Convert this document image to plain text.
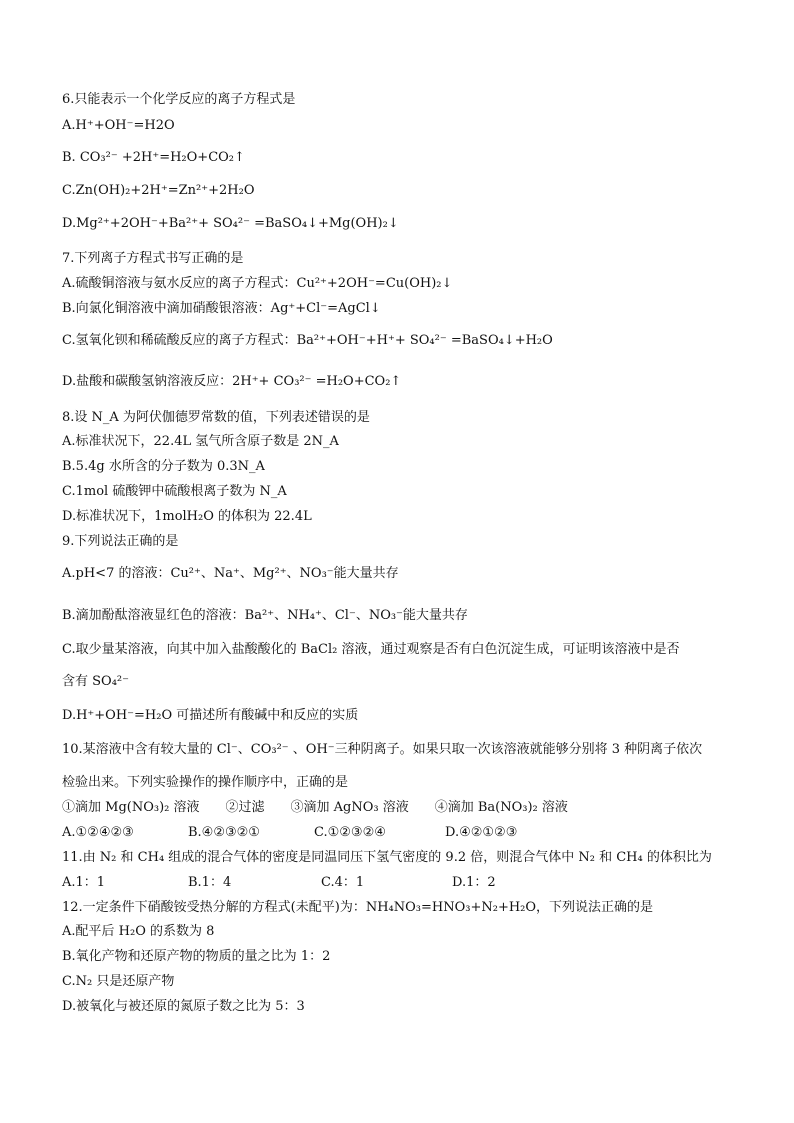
6.只能表示一个化学反应的离子方程式是
A.H⁺+OH⁻=H2O
B. CO₃²⁻ +2H⁺=H₂O+CO₂↑
C.Zn(OH)₂+2H⁺=Zn²⁺+2H₂O
D.Mg²⁺+2OH⁻+Ba²⁺+ SO₄²⁻ =BaSO₄↓+Mg(OH)₂↓
7.下列离子方程式书写正确的是
A.硫酸铜溶液与氨水反应的离子方程式：Cu²⁺+2OH⁻=Cu(OH)₂↓
B.向氯化铜溶液中滴加硝酸银溶液：Ag⁺+Cl⁻=AgCl↓
C.氢氧化钡和稀硫酸反应的离子方程式：Ba²⁺+OH⁻+H⁺+ SO₄²⁻ =BaSO₄↓+H₂O
D.盐酸和碳酸氢钠溶液反应：2H⁺+ CO₃²⁻ =H₂O+CO₂↑
8.设 N_A 为阿伏伽德罗常数的值，下列表述错误的是
A.标准状况下，22.4L 氢气所含原子数是 2N_A
B.5.4g 水所含的分子数为 0.3N_A
C.1mol 硫酸钾中硫酸根离子数为 N_A
D.标准状况下，1molH₂O 的体积为 22.4L
9.下列说法正确的是
A.pH<7 的溶液：Cu²⁺、Na⁺、Mg²⁺、NO₃⁻能大量共存
B.滴加酚酞溶液显红色的溶液：Ba²⁺、NH₄⁺、Cl⁻、NO₃⁻能大量共存
C.取少量某溶液，向其中加入盐酸酸化的 BaCl₂ 溶液，通过观察是否有白色沉淀生成，可证明该溶液中是否
含有 SO₄²⁻
D.H⁺+OH⁻=H₂O 可描述所有酸碱中和反应的实质
10.某溶液中含有较大量的 Cl⁻、CO₃²⁻ 、OH⁻三种阴离子。如果只取一次该溶液就能够分别将 3 种阴离子依次
检验出来。下列实验操作的操作顺序中，正确的是
①滴加 Mg(NO₃)₂ 溶液　　②过滤　　③滴加 AgNO₃ 溶液　　④滴加 Ba(NO₃)₂ 溶液
A.①②④②③	B.④②③②①	C.①②③②④	D.④②①②③
11.由 N₂ 和 CH₄ 组成的混合气体的密度是同温同压下氢气密度的 9.2 倍，则混合气体中 N₂ 和 CH₄ 的体积比为
A.1：1	B.1：4	C.4：1	D.1：2
12.一定条件下硝酸铵受热分解的方程式(未配平)为：NH₄NO₃=HNO₃+N₂+H₂O，下列说法正确的是
A.配平后 H₂O 的系数为 8
B.氧化产物和还原产物的物质的量之比为 1：2
C.N₂ 只是还原产物
D.被氧化与被还原的氮原子数之比为 5：3
